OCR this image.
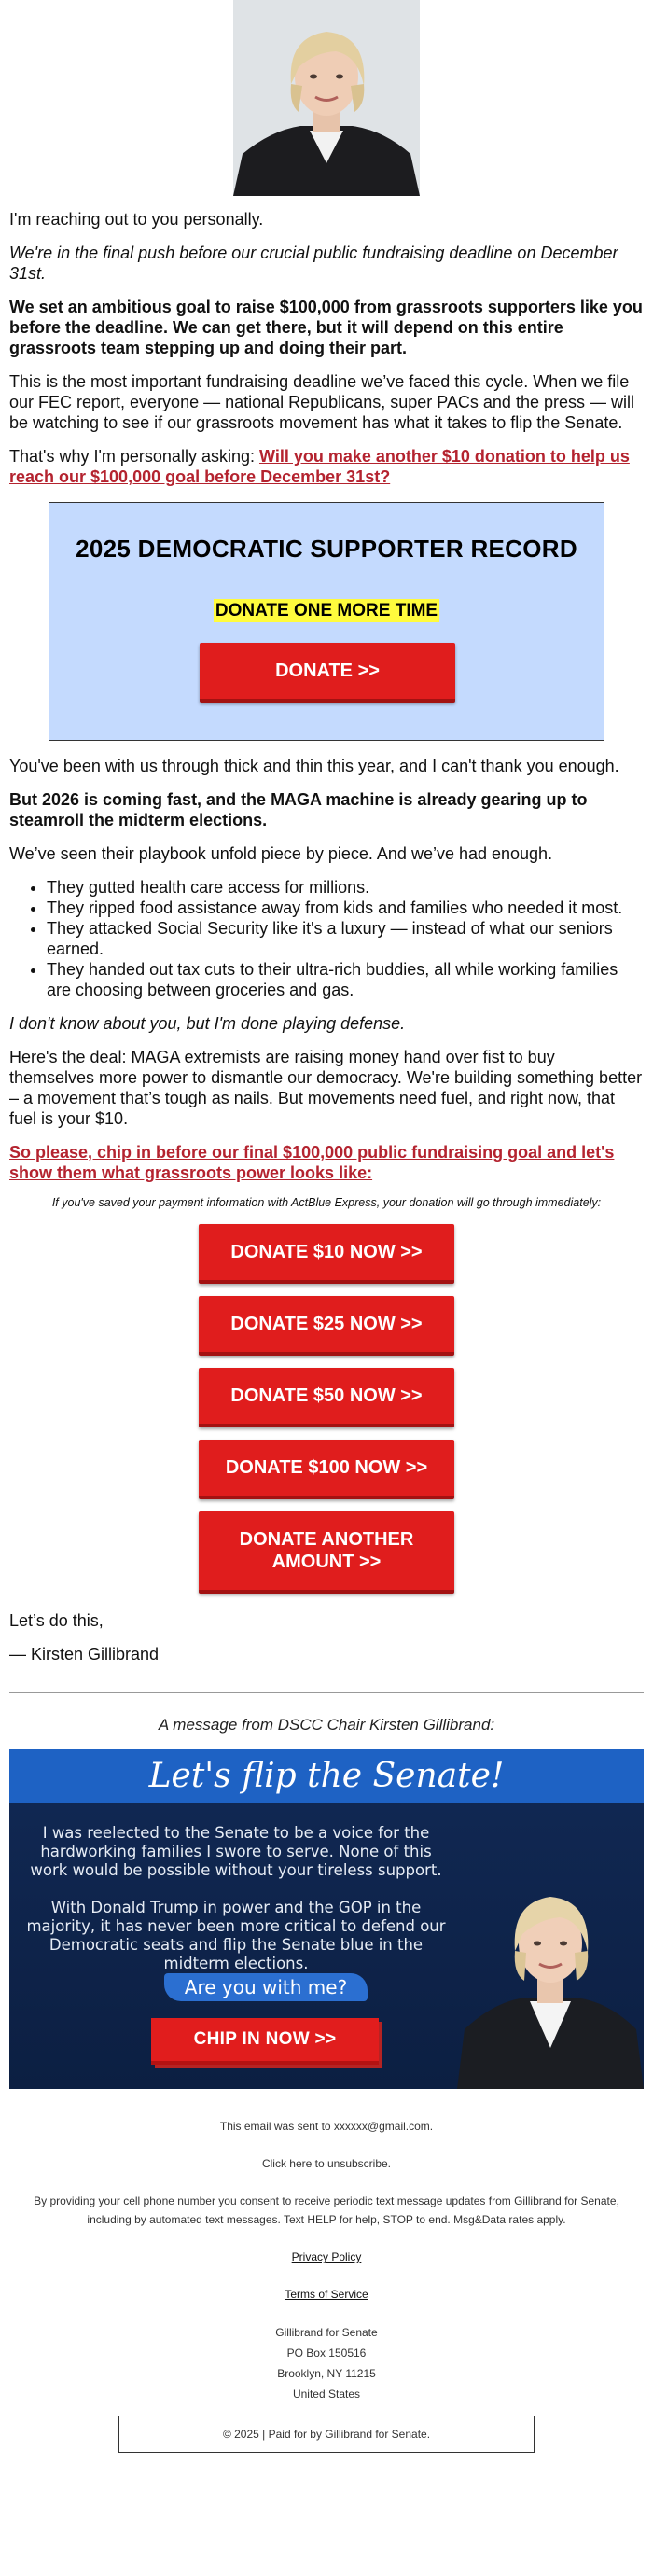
I'm reaching out to you personally.

We're in the final push before our crucial public fundraising deadline on December 31st.

We set an ambitious goal to raise $100,000 from grassroots supporters like you before the deadline. We can get there, but it will depend on this entire grassroots team stepping up and doing their part.

This is the most important fundraising deadline we’ve faced this cycle. When we file our FEC report, everyone — national Republicans, super PACs and the press — will be watching to see if our grassroots movement has what it takes to flip the Senate.

That's why I'm personally asking: Will you make another $10 donation to help us reach our $100,000 goal before December 31st?

2025 DEMOCRATIC SUPPORTER RECORD
DONATE ONE MORE TIME
DONATE >>

You've been with us through thick and thin this year, and I can't thank you enough.

But 2026 is coming fast, and the MAGA machine is already gearing up to steamroll the midterm elections.

We’ve seen their playbook unfold piece by piece. And we’ve had enough.

• They gutted health care access for millions.
• They ripped food assistance away from kids and families who needed it most.
• They attacked Social Security like it's a luxury — instead of what our seniors earned.
• They handed out tax cuts to their ultra-rich buddies, all while working families are choosing between groceries and gas.

I don't know about you, but I'm done playing defense.

Here's the deal: MAGA extremists are raising money hand over fist to buy themselves more power to dismantle our democracy. We're building something better – a movement that’s tough as nails. But movements need fuel, and right now, that fuel is your $10.

So please, chip in before our final $100,000 public fundraising goal and let's show them what grassroots power looks like:

If you've saved your payment information with ActBlue Express, your donation will go through immediately:
DONATE $10 NOW >>
DONATE $25 NOW >>
DONATE $50 NOW >>
DONATE $100 NOW >>
DONATE ANOTHER AMOUNT >>

Let’s do this,

— Kirsten Gillibrand

A message from DSCC Chair Kirsten Gillibrand:
Let's flip the Senate!
I was reelected to the Senate to be a voice for the hardworking families I swore to serve. None of this work would be possible without your tireless support.
With Donald Trump in power and the GOP in the majority, it has never been more critical to defend our Democratic seats and flip the Senate blue in the midterm elections.
Are you with me?
CHIP IN NOW >>

This email was sent to xxxxxx@gmail.com.

Click here to unsubscribe.

By providing your cell phone number you consent to receive periodic text message updates from Gillibrand for Senate, including by automated text messages. Text HELP for help, STOP to end. Msg&Data rates apply.

Privacy Policy

Terms of Service

Gillibrand for Senate
PO Box 150516
Brooklyn, NY 11215
United States
© 2025 | Paid for by Gillibrand for Senate.
